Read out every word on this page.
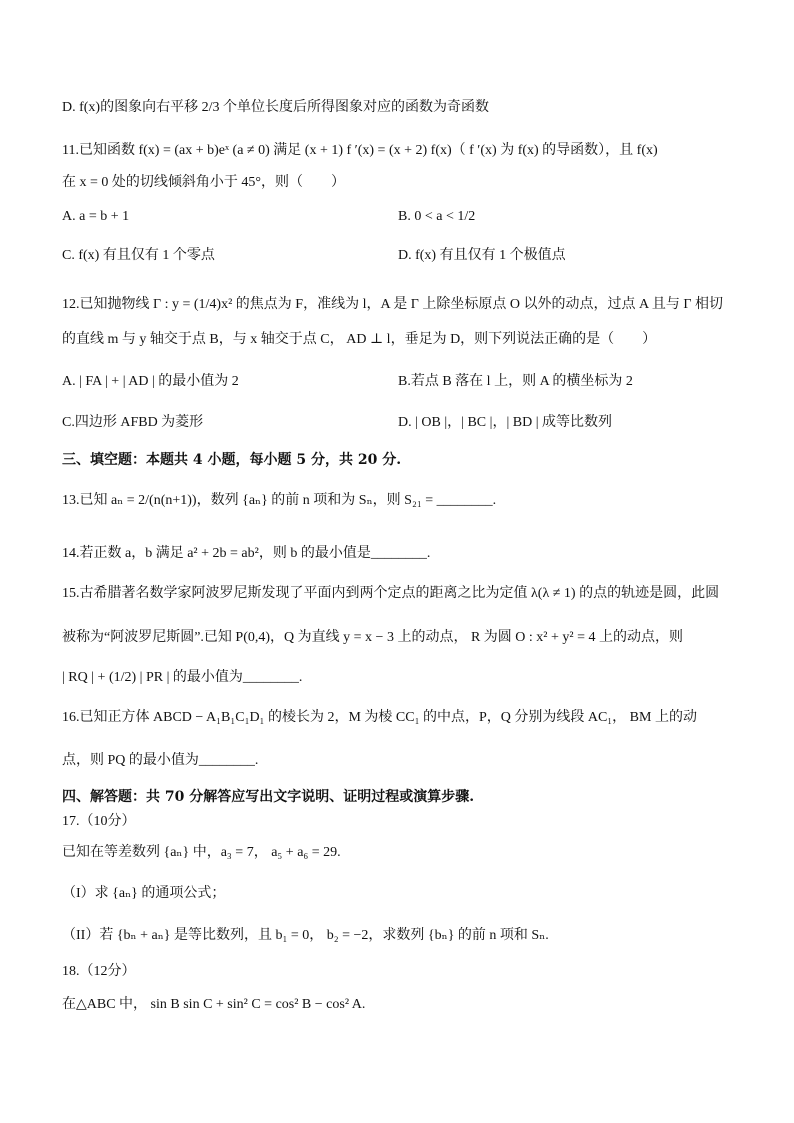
D. f(x)的图象向右平移 2/3 个单位长度后所得图象对应的函数为奇函数
11.已知函数 f(x) = (ax + b)eˣ (a ≠ 0) 满足 (x + 1) f ′(x) = (x + 2) f(x)（ f ′(x) 为 f(x) 的导函数），且 f(x)
在 x = 0 处的切线倾斜角小于 45°，则（　　）
A. a = b + 1	B. 0 < a < 1/2
C. f(x) 有且仅有 1 个零点	D. f(x) 有且仅有 1 个极值点
12.已知抛物线 Γ : y = (1/4)x² 的焦点为 F，准线为 l，A 是 Γ 上除坐标原点 O 以外的动点，过点 A 且与 Γ 相切
的直线 m 与 y 轴交于点 B，与 x 轴交于点 C， AD ⊥ l，垂足为 D，则下列说法正确的是（　　）
A. | FA | + | AD | 的最小值为 2	B.若点 B 落在 l 上，则 A 的横坐标为 2
C.四边形 AFBD 为菱形	D. | OB |，| BC |，| BD | 成等比数列
三、填空题：本题共 4 小题，每小题 5 分，共 20 分.
13.已知 aₙ = 2/(n(n+1))，数列 {aₙ} 的前 n 项和为 Sₙ，则 S₂₁ = ________.
14.若正数 a，b 满足 a² + 2b = ab²，则 b 的最小值是________.
15.古希腊著名数学家阿波罗尼斯发现了平面内到两个定点的距离之比为定值 λ(λ ≠ 1) 的点的轨迹是圆，此圆
被称为“阿波罗尼斯圆”.已知 P(0,4)，Q 为直线 y = x − 3 上的动点， R 为圆 O : x² + y² = 4 上的动点，则
| RQ | + (1/2) | PR | 的最小值为________.
16.已知正方体 ABCD − A₁B₁C₁D₁ 的棱长为 2，M 为棱 CC₁ 的中点，P，Q 分别为线段 AC₁， BM 上的动
点，则 PQ 的最小值为________.
四、解答题：共 70 分解答应写出文字说明、证明过程或演算步骤.
17.（10分）
已知在等差数列 {aₙ} 中，a₃ = 7， a₅ + a₆ = 29.
（I）求 {aₙ} 的通项公式；
（II）若 {bₙ + aₙ} 是等比数列，且 b₁ = 0， b₂ = −2，求数列 {bₙ} 的前 n 项和 Sₙ.
18.（12分）
在△ABC 中， sin B sin C + sin² C = cos² B − cos² A.
